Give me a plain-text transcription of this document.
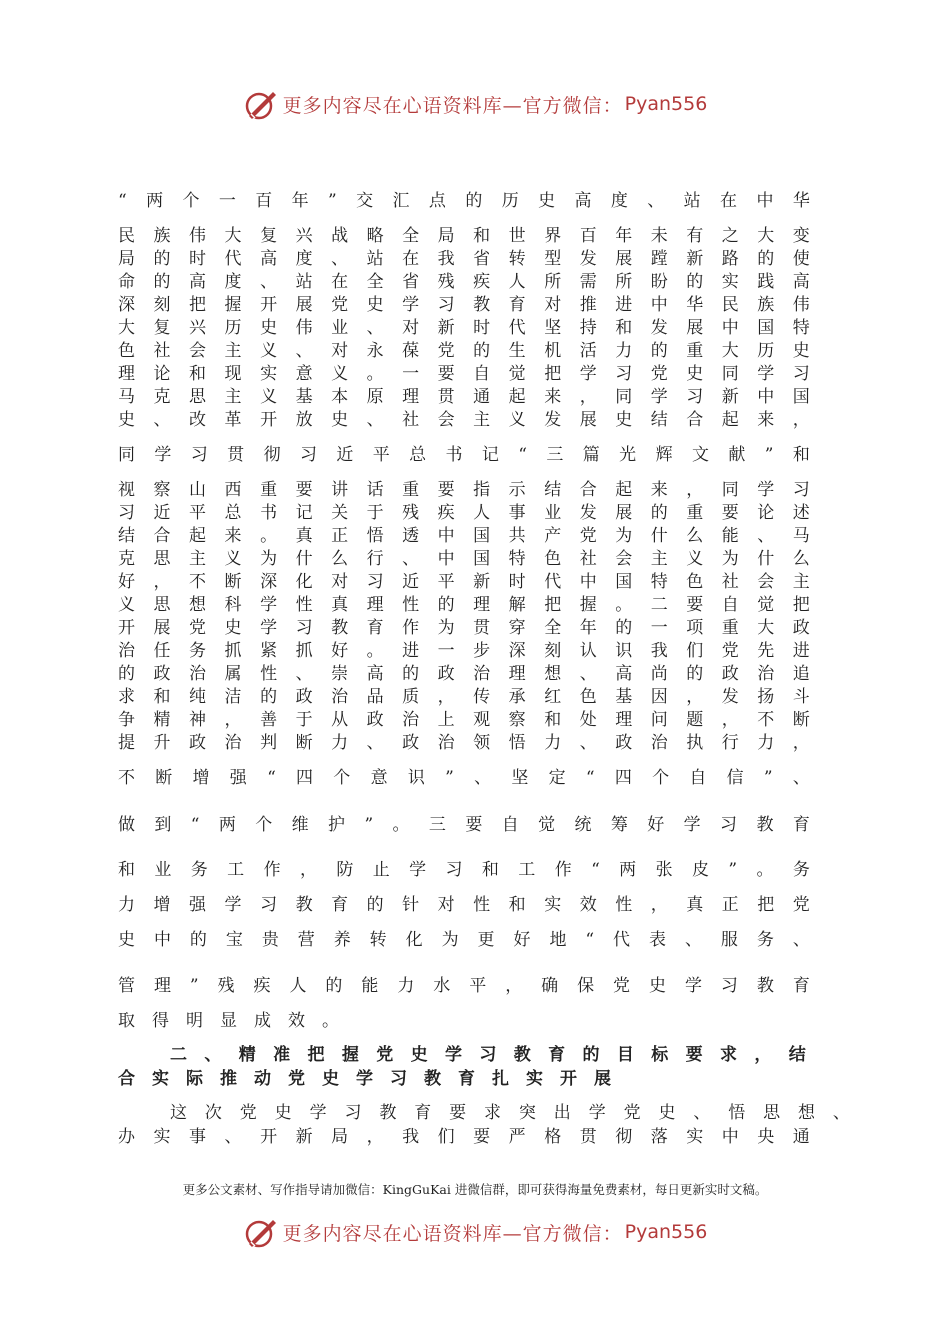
更多内容尽在心语资料库—官方微信： Pyan556
“ 两 个 一 百 年 ” 交 汇 点 的 历 史 高 度 、 站 在 中 华
民 族 伟 大 复 兴 战 略 全 局 和 世 界 百 年 未 有 之 大 变
局 的 时 代 高 度 、 站 在 我 省 转 型 发 展 蹚 新 路 的 使
命 的 高 度 、 站 在 全 省 残 疾 人 所 需 所 盼 的 实 践 高
深 刻 把 握 开 展 党 史 学 习 教 育 对 推 进 中 华 民 族 伟
大 复 兴 历 史 伟 业 、 对 新 时 代 坚 持 和 发 展 中 国 特
色 社 会 主 义 、 对 永 葆 党 的 生 机 活 力 的 重 大 历 史
理 论 和 现 实 意 义 。 一 要 自 觉 把 学 习 党 史 同 学 习
马 克 思 主 义 基 本 原 理 贯 通 起 来 ， 同 学 习 新 中 国
史 、 改 革 开 放 史 、 社 会 主 义 发 展 史 结 合 起 来 ，
同 学 习 贯 彻 习 近 平 总 书 记 “ 三 篇 光 辉 文 献 ” 和
视 察 山 西 重 要 讲 话 重 要 指 示 结 合 起 来 ， 同 学 习
习 近 平 总 书 记 关 于 残 疾 人 事 业 发 展 的 重 要 论 述
结 合 起 来 。 真 正 悟 透 中 国 共 产 党 为 什 么 能 、 马
克 思 主 义 为 什 么 行 、 中 国 特 色 社 会 主 义 为 什 么
好 ， 不 断 深 化 对 习 近 平 新 时 代 中 国 特 色 社 会 主
义 思 想 科 学 性 真 理 性 的 理 解 把 握 。 二 要 自 觉 把
开 展 党 史 学 习 教 育 作 为 贯 穿 全 年 的 一 项 重 大 政
治 任 务 抓 紧 抓 好 。 进 一 步 深 刻 认 识 我 们 党 先 进
的 政 治 属 性 、 崇 高 的 政 治 理 想 、 高 尚 的 政 治 追
求 和 纯 洁 的 政 治 品 质 ， 传 承 红 色 基 因 ， 发 扬 斗
争 精 神 ， 善 于 从 政 治 上 观 察 和 处 理 问 题 ， 不 断
提 升 政 治 判 断 力 、 政 治 领 悟 力 、 政 治 执 行 力 ，
不 断 增 强 “ 四 个 意 识 ” 、 坚 定 “ 四 个 自 信 ” 、
做 到 “ 两 个 维 护 ” 。 三 要 自 觉 统 筹 好 学 习 教 育
和 业 务 工 作 ， 防 止 学 习 和 工 作 “ 两 张 皮 ” 。 务
力 增 强 学 习 教 育 的 针 对 性 和 实 效 性 ， 真 正 把 党
史 中 的 宝 贵 营 养 转 化 为 更 好 地 “ 代 表 、 服 务 、
管 理 ” 残 疾 人 的 能 力 水 平 ， 确 保 党 史 学 习 教 育
取 得 明 显 成 效 。
二 、 精 准 把 握 党 史 学 习 教 育 的 目 标 要 求 ， 结
合 实 际 推 动 党 史 学 习 教 育 扎 实 开 展
这 次 党 史 学 习 教 育 要 求 突 出 学 党 史 、 悟 思 想 、
办 实 事 、 开 新 局 ， 我 们 要 严 格 贯 彻 落 实 中 央 通
更多公文素材、写作指导请加微信：KingGuKai 进微信群，即可获得海量免费素材，每日更新实时文稿。
更多内容尽在心语资料库—官方微信： Pyan556
